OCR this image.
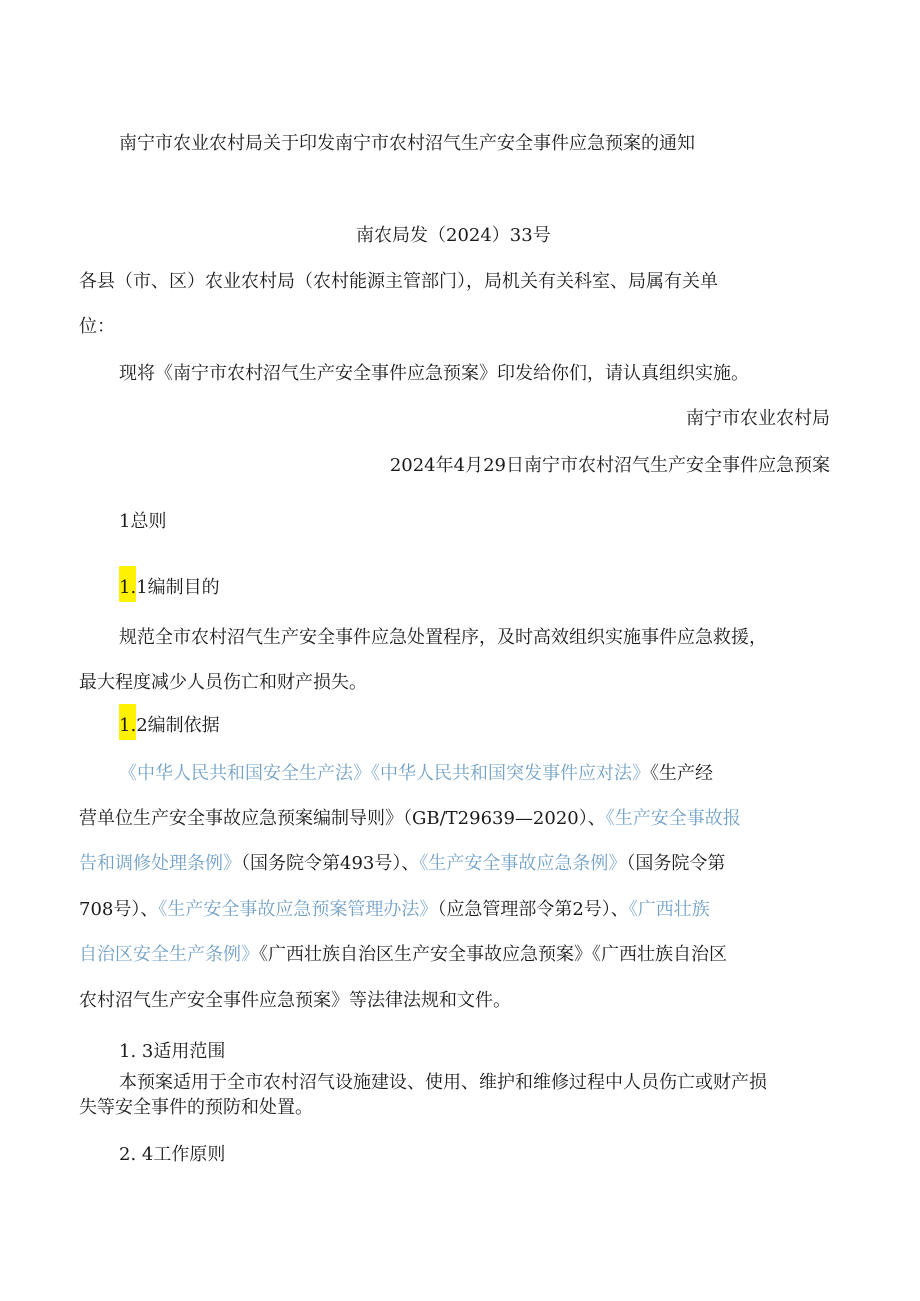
南宁市农业农村局关于印发南宁市农村沼气生产安全事件应急预案的通知
南农局发（2024）33号
各县（市、区）农业农村局（农村能源主管部门），局机关有关科室、局属有关单
位：
现将《南宁市农村沼气生产安全事件应急预案》印发给你们，请认真组织实施。
南宁市农业农村局
2024年4月29日南宁市农村沼气生产安全事件应急预案
1总则
1.1编制目的
规范全市农村沼气生产安全事件应急处置程序，及时高效组织实施事件应急救援，
最大程度减少人员伤亡和财产损失。
1.2编制依据
《中华人民共和国安全生产法》《中华人民共和国突发事件应对法》《生产经
营单位生产安全事故应急预案编制导则》（GB/T29639—2020）、《生产安全事故报
告和调修处理条例》（国务院令第493号）、《生产安全事故应急条例》（国务院令第
708号）、《生产安全事故应急预案管理办法》（应急管理部令第2号）、《广西壮族
自治区安全生产条例》《广西壮族自治区生产安全事故应急预案》《广西壮族自治区
农村沼气生产安全事件应急预案》等法律法规和文件。
1. 3适用范围
本预案适用于全市农村沼气设施建设、使用、维护和维修过程中人员伤亡或财产损
失等安全事件的预防和处置。
2. 4工作原则
